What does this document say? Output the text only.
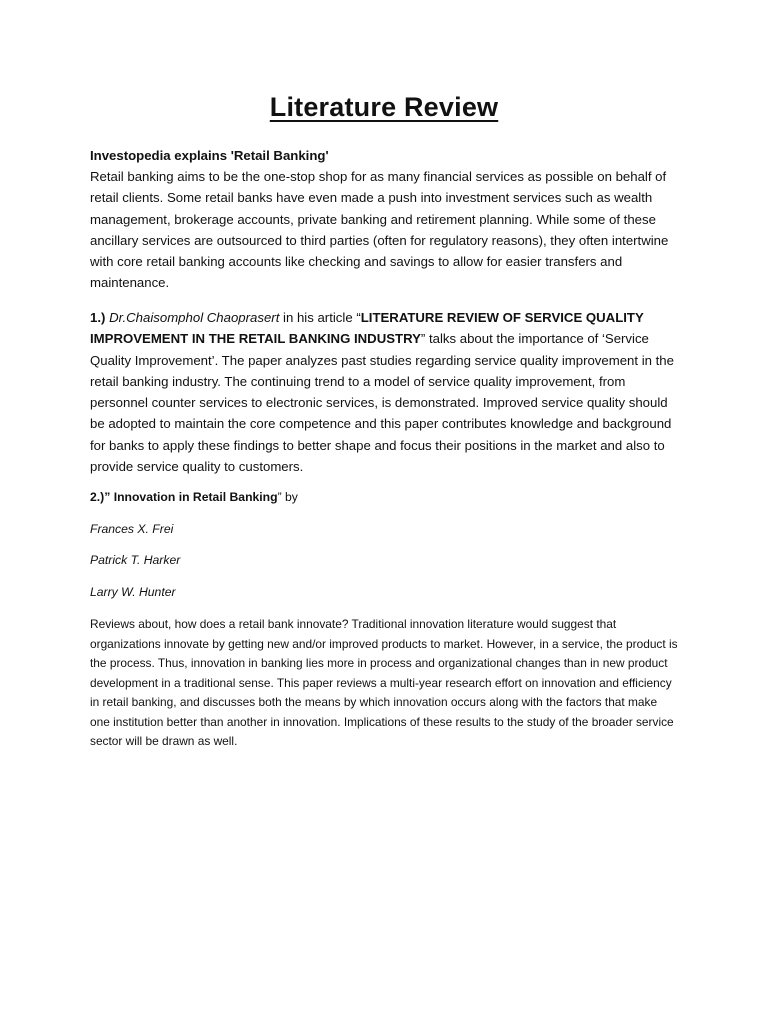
Literature Review
Investopedia explains 'Retail Banking'

Retail banking aims to be the one-stop shop for as many financial services as possible on behalf of retail clients. Some retail banks have even made a push into investment services such as wealth management, brokerage accounts, private banking and retirement planning. While some of these ancillary services are outsourced to third parties (often for regulatory reasons), they often intertwine with core retail banking accounts like checking and savings to allow for easier transfers and maintenance.

1.) Dr.Chaisomphol Chaoprasert in his article “LITERATURE REVIEW OF SERVICE QUALITY IMPROVEMENT IN THE RETAIL BANKING INDUSTRY” talks about the importance of ‘Service Quality Improvement’. The paper analyzes past studies regarding service quality improvement in the retail banking industry. The continuing trend to a model of service quality improvement, from personnel counter services to electronic services, is demonstrated. Improved service quality should be adopted to maintain the core competence and this paper contributes knowledge and background for banks to apply these findings to better shape and focus their positions in the market and also to provide service quality to customers.

2.)” Innovation in Retail Banking” by
Frances X. Frei
Patrick T. Harker
Larry W. Hunter

Reviews about, how does a retail bank innovate? Traditional innovation literature would suggest that organizations innovate by getting new and/or improved products to market. However, in a service, the product is the process. Thus, innovation in banking lies more in process and organizational changes than in new product development in a traditional sense. This paper reviews a multi-year research effort on innovation and efficiency in retail banking, and discusses both the means by which innovation occurs along with the factors that make one institution better than another in innovation. Implications of these results to the study of the broader service sector will be drawn as well.
